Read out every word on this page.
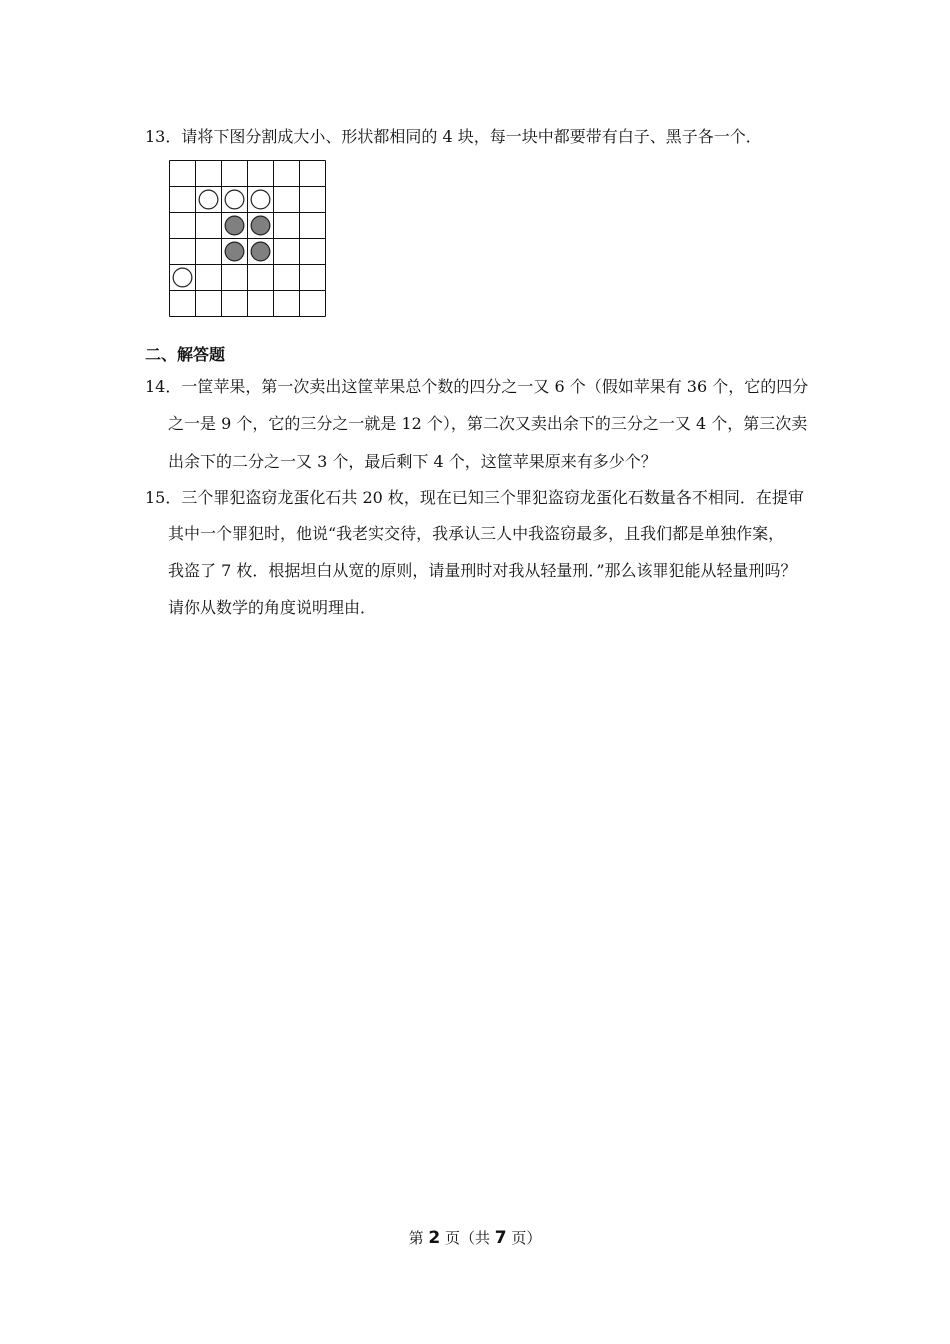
13．请将下图分割成大小、形状都相同的 4 块，每一块中都要带有白子、黑子各一个．
二、解答题
14．一筐苹果，第一次卖出这筐苹果总个数的四分之一又 6 个（假如苹果有 36 个，它的四分
之一是 9 个，它的三分之一就是 12 个），第二次又卖出余下的三分之一又 4 个，第三次卖
出余下的二分之一又 3 个，最后剩下 4 个，这筐苹果原来有多少个？
15．三个罪犯盗窃龙蛋化石共 20 枚，现在已知三个罪犯盗窃龙蛋化石数量各不相同．在提审
其中一个罪犯时，他说“我老实交待，我承认三人中我盗窃最多，且我们都是单独作案，
我盗了 7 枚．根据坦白从宽的原则，请量刑时对我从轻量刑．”那么该罪犯能从轻量刑吗？
请你从数学的角度说明理由．
第 2 页（共 7 页）
